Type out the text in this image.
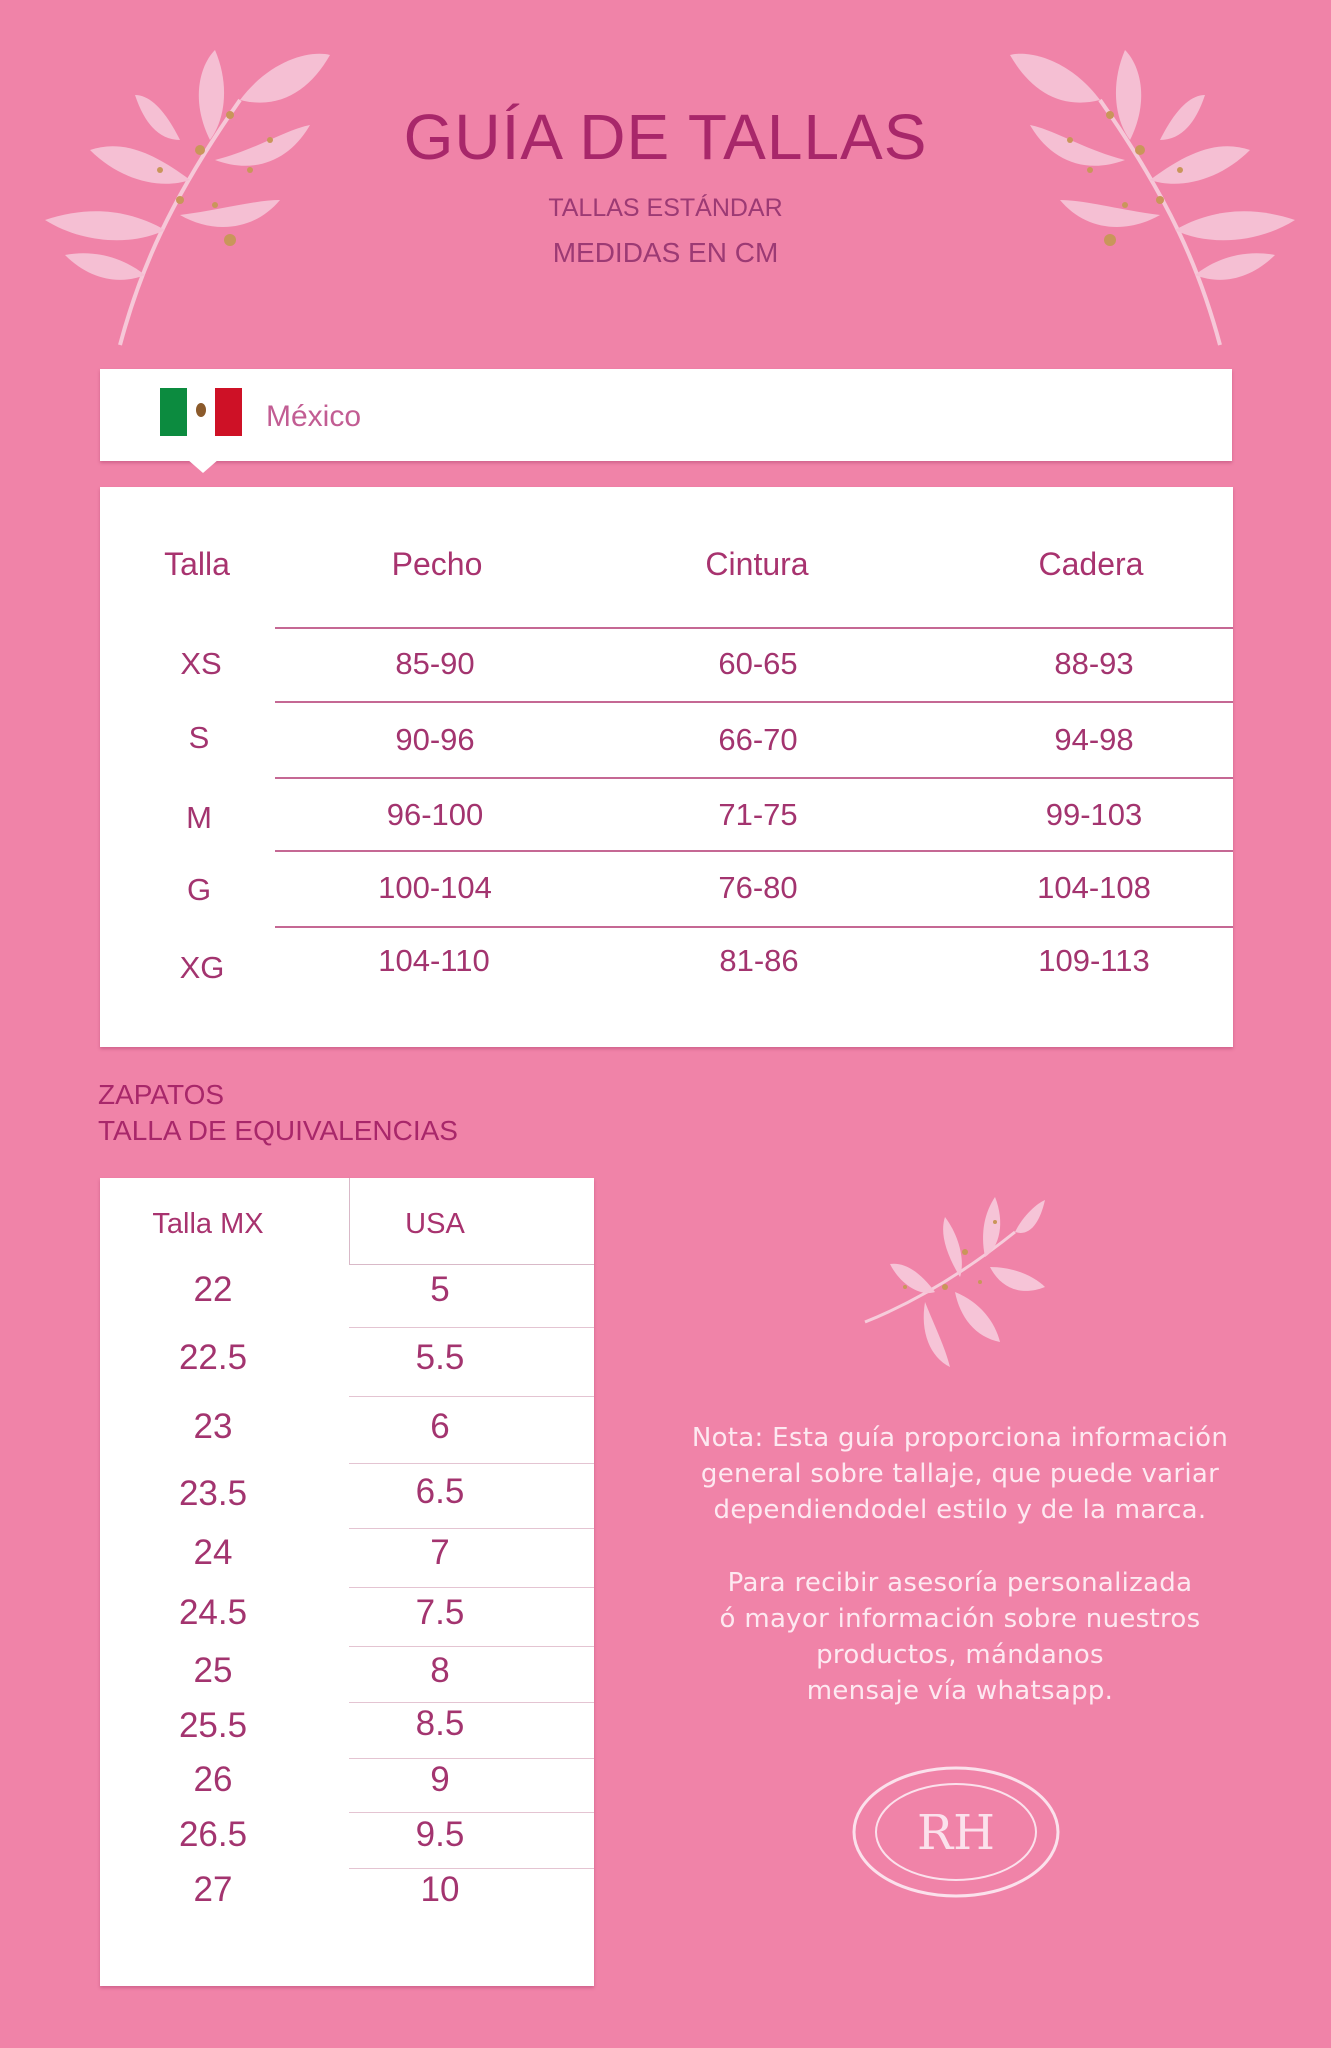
GUÍA DE TALLAS
TALLAS ESTÁNDAR
MEDIDAS EN CM
México
Talla	Pecho	Cintura	Cadera
XS	85-90	60-65	88-93
S	90-96	66-70	94-98
M	96-100	71-75	99-103
G	100-104	76-80	104-108
XG	104-110	81-86	109-113
ZAPATOS
TALLA DE EQUIVALENCIAS
Talla MX	USA
22	5
22.5	5.5
23	6
23.5	6.5
24	7
24.5	7.5
25	8
25.5	8.5
26	9
26.5	9.5
27	10
Nota: Esta guía proporciona información
general sobre tallaje, que puede variar
dependiendodel estilo y de la marca.
Para recibir asesoría personalizada
ó mayor información sobre nuestros
productos, mándanos
mensaje vía whatsapp.
RH
